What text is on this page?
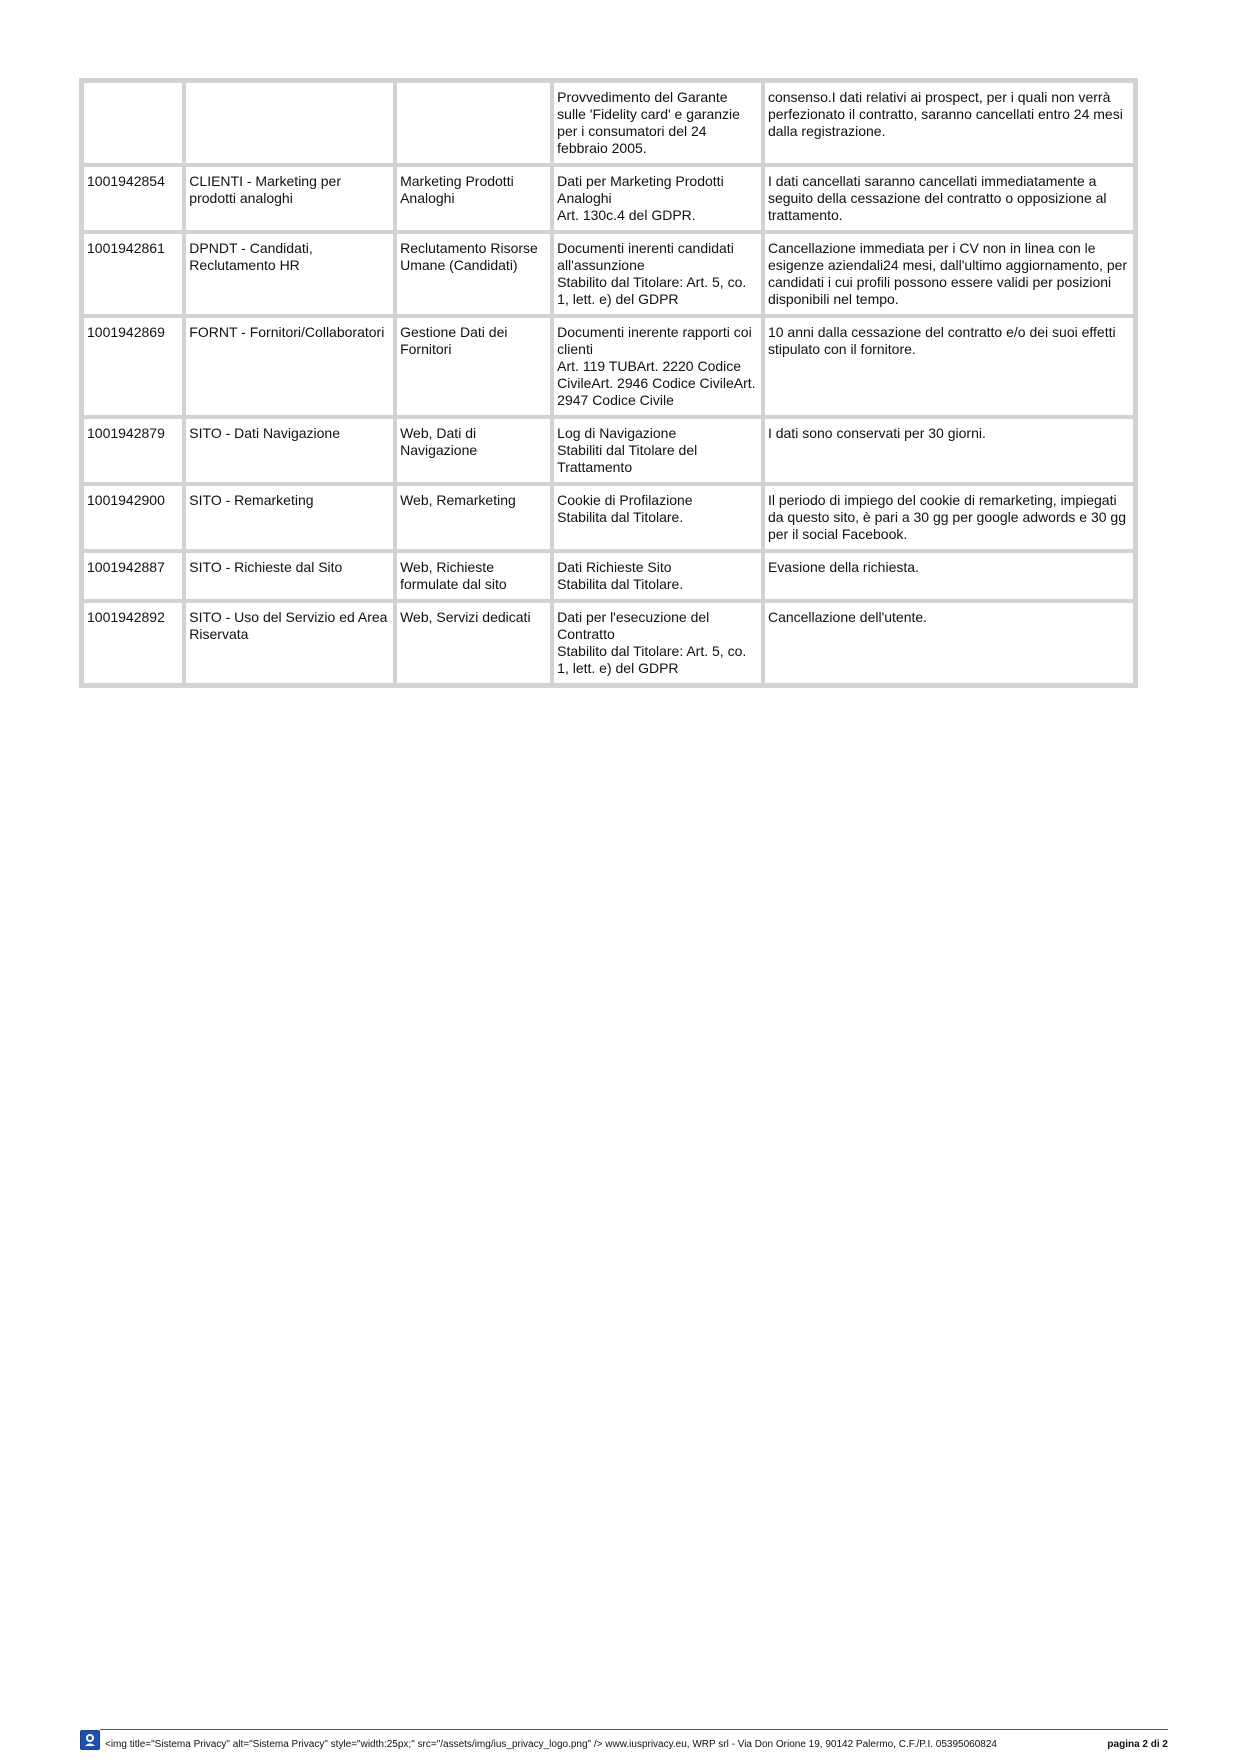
			Provvedimento del Garante sulle 'Fidelity card' e garanzie per i consumatori del 24 febbraio 2005.	consenso.I dati relativi ai prospect, per i quali non verrà perfezionato il contratto, saranno cancellati entro 24 mesi dalla registrazione.
1001942854	CLIENTI - Marketing per prodotti analoghi	Marketing Prodotti Analoghi	Dati per Marketing Prodotti Analoghi
Art. 130c.4 del GDPR.	I dati cancellati saranno cancellati immediatamente a seguito della cessazione del contratto o opposizione al trattamento.
1001942861	DPNDT - Candidati, Reclutamento HR	Reclutamento Risorse Umane (Candidati)	Documenti inerenti candidati all'assunzione
Stabilito dal Titolare: Art. 5, co. 1, lett. e) del GDPR	Cancellazione immediata per i CV non in linea con le esigenze aziendali24 mesi, dall'ultimo aggiornamento, per candidati i cui profili possono essere validi per posizioni disponibili nel tempo.
1001942869	FORNT - Fornitori/Collaboratori	Gestione Dati dei Fornitori	Documenti inerente rapporti coi clienti
Art. 119 TUBArt. 2220 Codice CivileArt. 2946 Codice CivileArt. 2947 Codice Civile	10 anni dalla cessazione del contratto e/o dei suoi effetti stipulato con il fornitore.
1001942879	SITO - Dati Navigazione	Web, Dati di Navigazione	Log di Navigazione
Stabiliti dal Titolare del Trattamento	I dati sono conservati per 30 giorni.
1001942900	SITO - Remarketing	Web, Remarketing	Cookie di Profilazione
Stabilita dal Titolare.	Il periodo di impiego del cookie di remarketing, impiegati da questo sito, è pari a 30 gg per google adwords e 30 gg per il social Facebook.
1001942887	SITO - Richieste dal Sito	Web, Richieste formulate dal sito	Dati Richieste Sito
Stabilita dal Titolare.	Evasione della richiesta.
1001942892	SITO - Uso del Servizio ed Area Riservata	Web, Servizi dedicati	Dati per l'esecuzione del Contratto
Stabilito dal Titolare: Art. 5, co. 1, lett. e) del GDPR	Cancellazione dell'utente.
<img title="Sistema Privacy" alt="Sistema Privacy" style="width:25px;" src="/assets/img/ius_privacy_logo.png" /> www.iusprivacy.eu, WRP srl - Via Don Orione 19, 90142 Palermo, C.F./P.I. 05395060824	pagina 2 di 2
